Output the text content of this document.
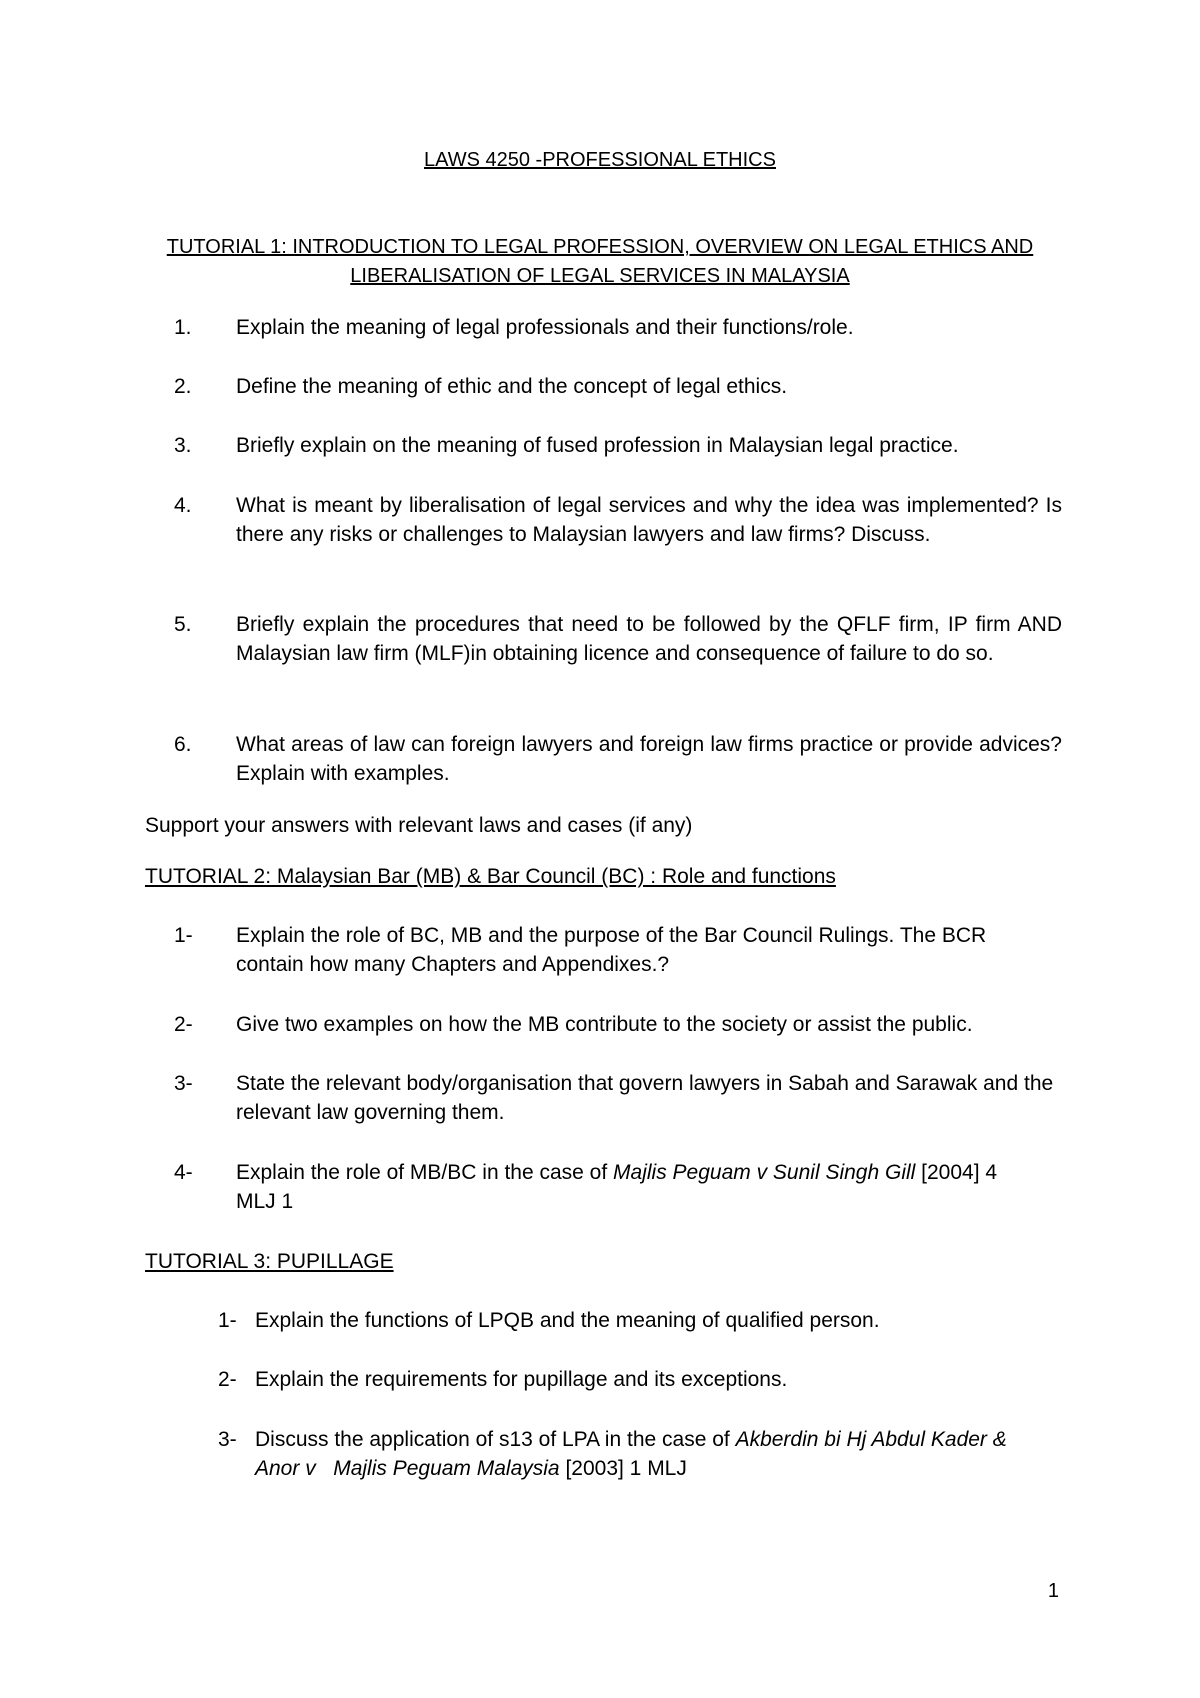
LAWS 4250 -PROFESSIONAL ETHICS
TUTORIAL 1: INTRODUCTION TO LEGAL PROFESSION, OVERVIEW ON LEGAL ETHICS AND
LIBERALISATION OF LEGAL SERVICES IN MALAYSIA
1. Explain the meaning of legal professionals and their functions/role.
2. Define the meaning of ethic and the concept of legal ethics.
3. Briefly explain on the meaning of fused profession in Malaysian legal practice.
4. What is meant by liberalisation of legal services and why the idea was implemented? Is there any risks or challenges to Malaysian lawyers and law firms? Discuss.
5. Briefly explain the procedures that need to be followed by the QFLF firm, IP firm AND Malaysian law firm (MLF)in obtaining licence and consequence of failure to do so.
6. What areas of law can foreign lawyers and foreign law firms practice or provide advices? Explain with examples.
Support your answers with relevant laws and cases (if any)
TUTORIAL 2: Malaysian Bar (MB) & Bar Council (BC) : Role and functions
1- Explain the role of BC, MB and the purpose of the Bar Council Rulings. The BCR contain how many Chapters and Appendixes.?
2- Give two examples on how the MB contribute to the society or assist the public.
3- State the relevant body/organisation that govern lawyers in Sabah and Sarawak and the relevant law governing them.
4- Explain the role of MB/BC in the case of Majlis Peguam v Sunil Singh Gill [2004] 4 MLJ 1
TUTORIAL 3: PUPILLAGE
1- Explain the functions of LPQB and the meaning of qualified person.
2- Explain the requirements for pupillage and its exceptions.
3- Discuss the application of s13 of LPA in the case of Akberdin bi Hj Abdul Kader & Anor v   Majlis Peguam Malaysia [2003] 1 MLJ
1
